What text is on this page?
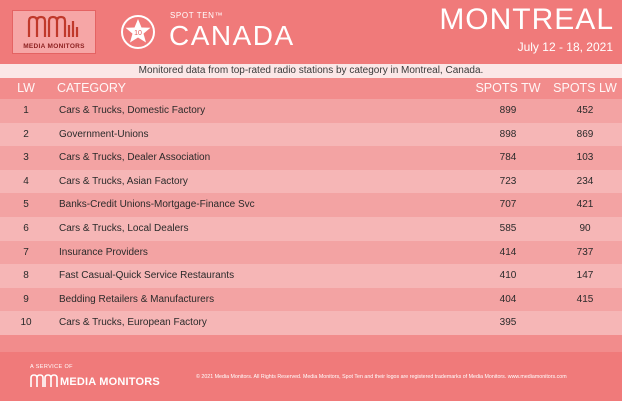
MEDIA MONITORS
10
SPOT TEN™
CANADA	MONTREAL
July 12 - 18, 2021
Monitored data from top-rated radio stations by category in Montreal, Canada.
LW	CATEGORY	SPOTS TW	SPOTS LW
1	Cars & Trucks, Domestic Factory	899	452
2	Government-Unions	898	869
3	Cars & Trucks, Dealer Association	784	103
4	Cars & Trucks, Asian Factory	723	234
5	Banks-Credit Unions-Mortgage-Finance Svc	707	421
6	Cars & Trucks, Local Dealers	585	90
7	Insurance Providers	414	737
8	Fast Casual-Quick Service Restaurants	410	147
9	Bedding Retailers & Manufacturers	404	415
10	Cars & Trucks, European Factory	395
A SERVICE OF
MEDIA MONITORS	© 2021 Media Monitors. All Rights Reserved. Media Monitors, Spot Ten and their logos are registered trademarks of Media Monitors. www.mediamonitors.com
